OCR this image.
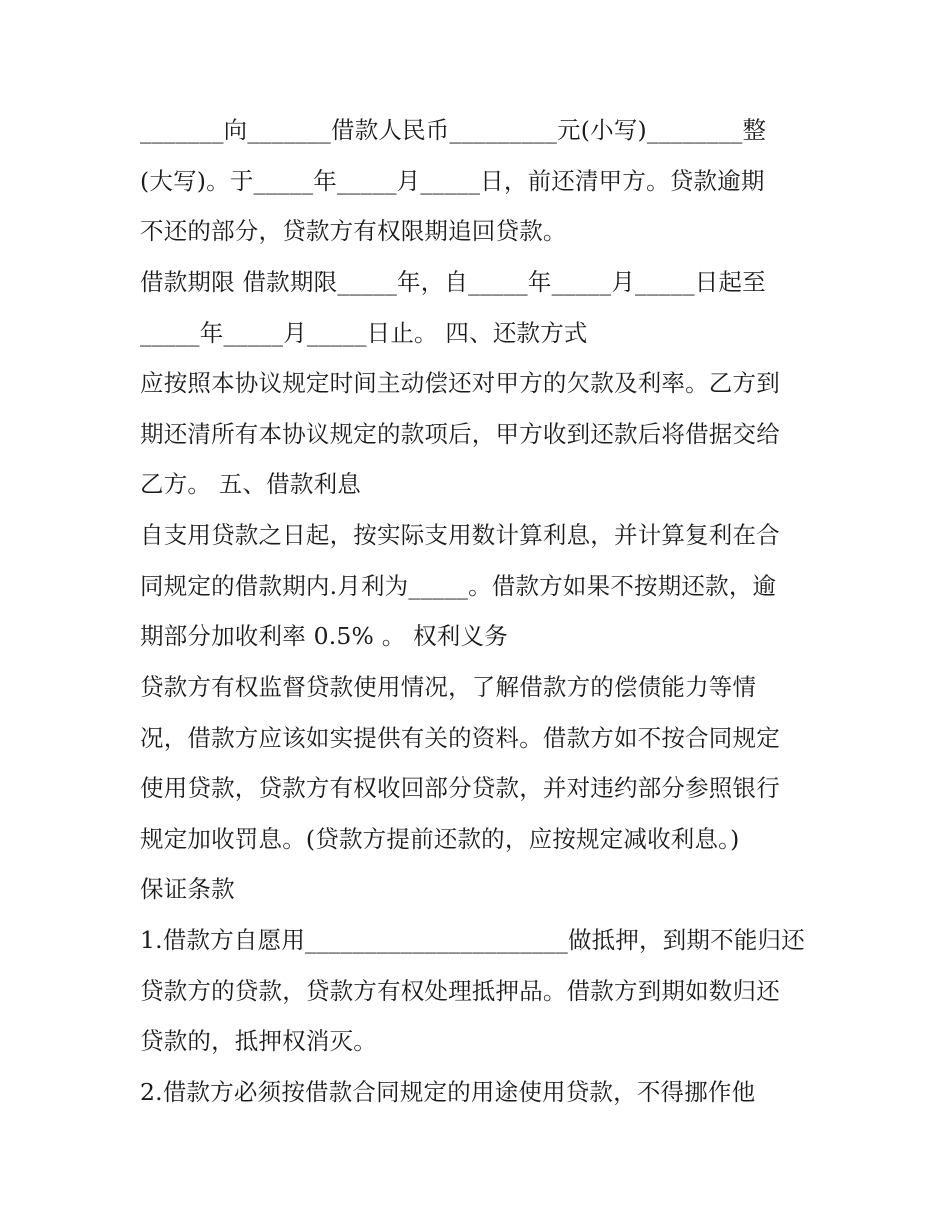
_______向_______借款人民币_________元(小写)________整
(大写)。于_____年_____月_____日，前还清甲方。贷款逾期
不还的部分，贷款方有权限期追回贷款。
借款期限 借款期限_____年，自_____年_____月_____日起至
_____年_____月_____日止。 四、还款方式
应按照本协议规定时间主动偿还对甲方的欠款及利率。乙方到
期还清所有本协议规定的款项后，甲方收到还款后将借据交给
乙方。 五、借款利息
自支用贷款之日起，按实际支用数计算利息，并计算复利在合
同规定的借款期内.月利为_____。借款方如果不按期还款，逾
期部分加收利率 0.5% 。 权利义务
贷款方有权监督贷款使用情况，了解借款方的偿债能力等情
况，借款方应该如实提供有关的资料。借款方如不按合同规定
使用贷款，贷款方有权收回部分贷款，并对违约部分参照银行
规定加收罚息。(贷款方提前还款的，应按规定减收利息。)
保证条款
1.借款方自愿用______________________做抵押，到期不能归还
贷款方的贷款，贷款方有权处理抵押品。借款方到期如数归还
贷款的，抵押权消灭。
2.借款方必须按借款合同规定的用途使用贷款，不得挪作他
